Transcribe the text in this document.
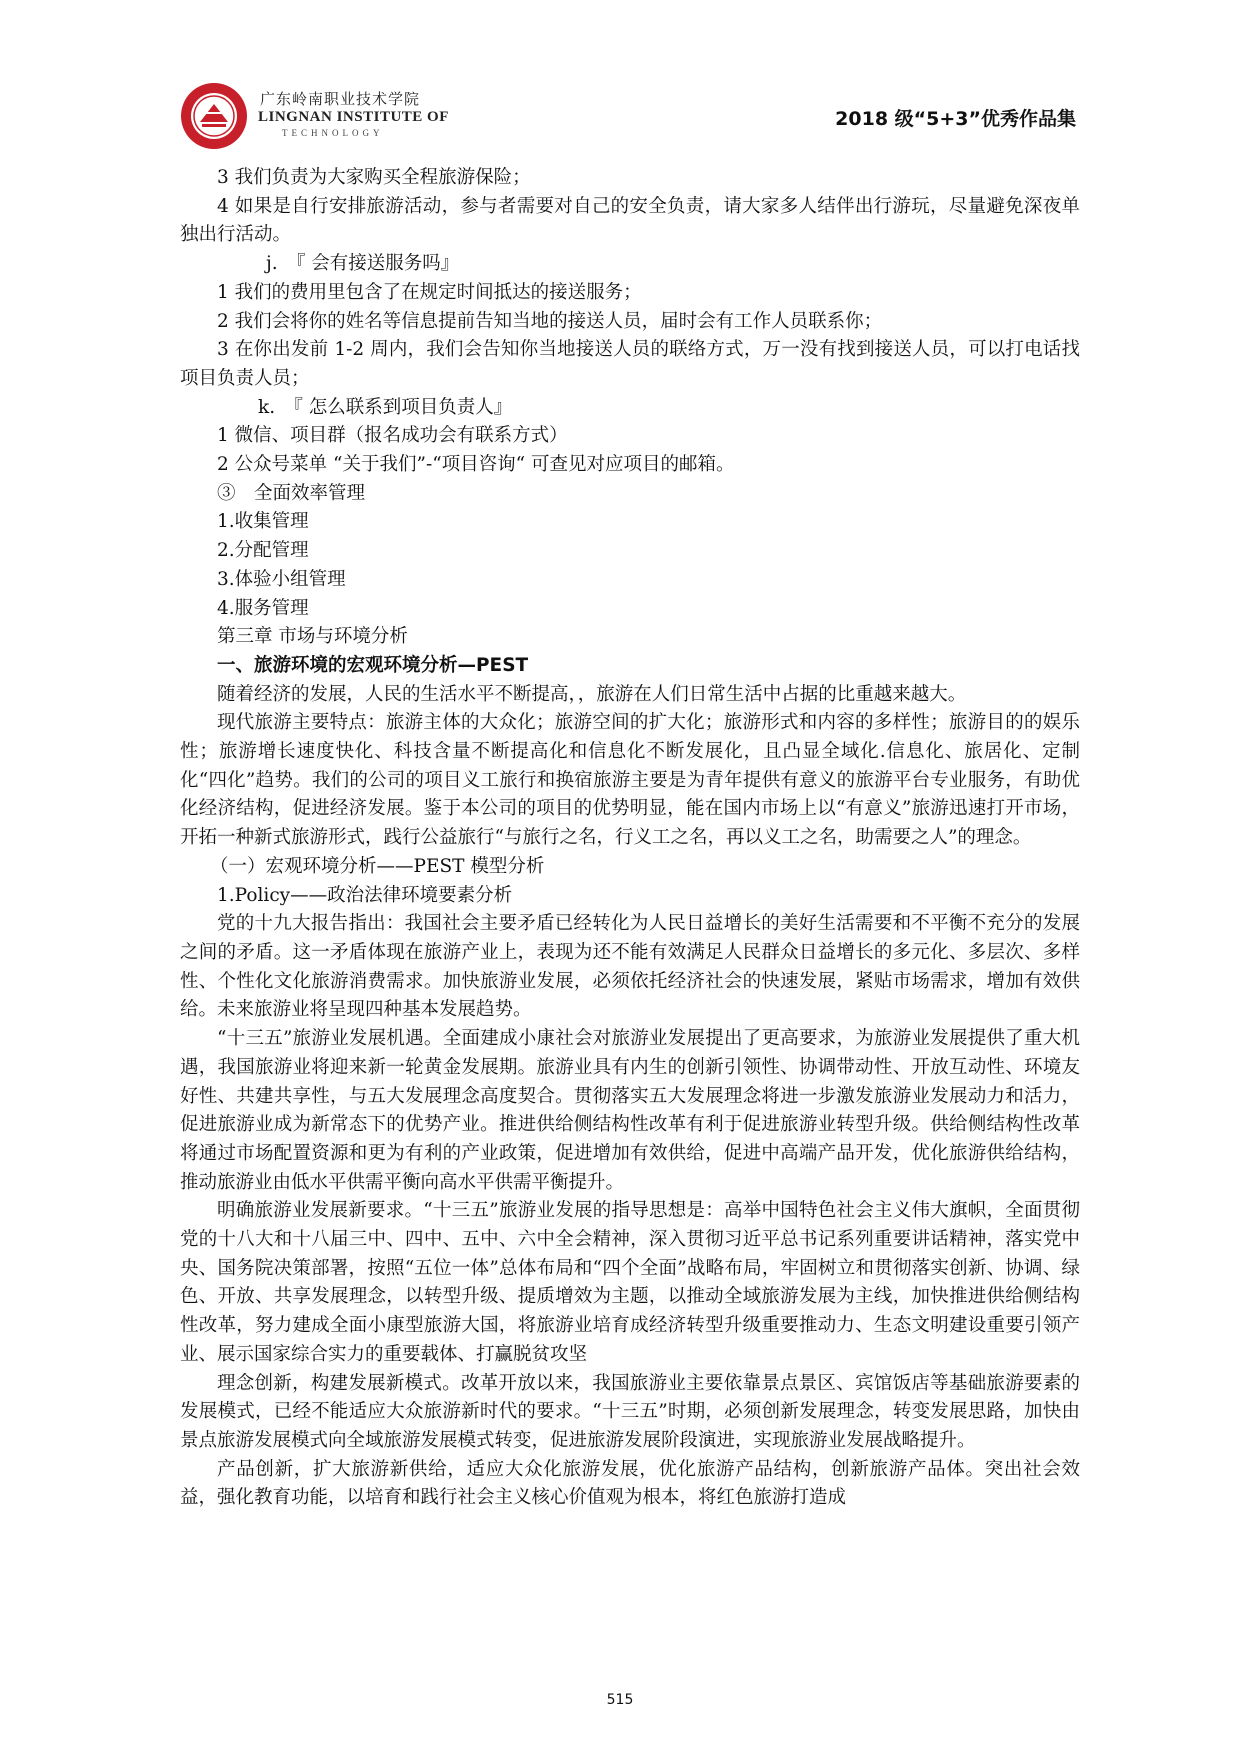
广东岭南职业技术学院
LINGNAN INSTITUTE OF
TECHNOLOGY
2018 级“5+3”优秀作品集

3 我们负责为大家购买全程旅游保险；

4 如果是自行安排旅游活动，参与者需要对自己的安全负责，请大家多人结伴出行游玩，尽量避免深夜单独出行活动。

j.　『 会有接送服务吗』

1 我们的费用里包含了在规定时间抵达的接送服务；

2 我们会将你的姓名等信息提前告知当地的接送人员，届时会有工作人员联系你；

3 在你出发前 1-2 周内，我们会告知你当地接送人员的联络方式，万一没有找到接送人员，可以打电话找项目负责人员；

k.　『 怎么联系到项目负责人』

1 微信、项目群（报名成功会有联系方式）

2 公众号菜单 “关于我们”-“项目咨询“ 可查见对应项目的邮箱。

③　全面效率管理

1.收集管理

2.分配管理

3.体验小组管理

4.服务管理

第三章 市场与环境分析

一、旅游环境的宏观环境分析—PEST

随着经济的发展，人民的生活水平不断提高，，旅游在人们日常生活中占据的比重越来越大。

现代旅游主要特点：旅游主体的大众化；旅游空间的扩大化；旅游形式和内容的多样性；旅游目的的娱乐性；旅游增长速度快化、科技含量不断提高化和信息化不断发展化，且凸显全域化.信息化、旅居化、定制化“四化”趋势。我们的公司的项目义工旅行和换宿旅游主要是为青年提供有意义的旅游平台专业服务，有助优化经济结构，促进经济发展。鉴于本公司的项目的优势明显，能在国内市场上以“有意义”旅游迅速打开市场，开拓一种新式旅游形式，践行公益旅行“与旅行之名，行义工之名，再以义工之名，助需要之人”的理念。

（一）宏观环境分析——PEST 模型分析

1.Policy——政治法律环境要素分析

党的十九大报告指出：我国社会主要矛盾已经转化为人民日益增长的美好生活需要和不平衡不充分的发展之间的矛盾。这一矛盾体现在旅游产业上，表现为还不能有效满足人民群众日益增长的多元化、多层次、多样性、个性化文化旅游消费需求。加快旅游业发展，必须依托经济社会的快速发展，紧贴市场需求，增加有效供给。未来旅游业将呈现四种基本发展趋势。

“十三五”旅游业发展机遇。全面建成小康社会对旅游业发展提出了更高要求，为旅游业发展提供了重大机遇，我国旅游业将迎来新一轮黄金发展期。旅游业具有内生的创新引领性、协调带动性、开放互动性、环境友好性、共建共享性，与五大发展理念高度契合。贯彻落实五大发展理念将进一步激发旅游业发展动力和活力，促进旅游业成为新常态下的优势产业。推进供给侧结构性改革有利于促进旅游业转型升级。供给侧结构性改革将通过市场配置资源和更为有利的产业政策，促进增加有效供给，促进中高端产品开发，优化旅游供给结构，推动旅游业由低水平供需平衡向高水平供需平衡提升。

明确旅游业发展新要求。“十三五”旅游业发展的指导思想是：高举中国特色社会主义伟大旗帜，全面贯彻党的十八大和十八届三中、四中、五中、六中全会精神，深入贯彻习近平总书记系列重要讲话精神，落实党中央、国务院决策部署，按照“五位一体”总体布局和“四个全面”战略布局，牢固树立和贯彻落实创新、协调、绿色、开放、共享发展理念，以转型升级、提质增效为主题，以推动全域旅游发展为主线，加快推进供给侧结构性改革，努力建成全面小康型旅游大国，将旅游业培育成经济转型升级重要推动力、生态文明建设重要引领产业、展示国家综合实力的重要载体、打赢脱贫攻坚

理念创新，构建发展新模式。改革开放以来，我国旅游业主要依靠景点景区、宾馆饭店等基础旅游要素的发展模式，已经不能适应大众旅游新时代的要求。“十三五”时期，必须创新发展理念，转变发展思路，加快由景点旅游发展模式向全域旅游发展模式转变，促进旅游发展阶段演进，实现旅游业发展战略提升。

产品创新，扩大旅游新供给，适应大众化旅游发展，优化旅游产品结构，创新旅游产品体。突出社会效益，强化教育功能，以培育和践行社会主义核心价值观为根本，将红色旅游打造成

515
